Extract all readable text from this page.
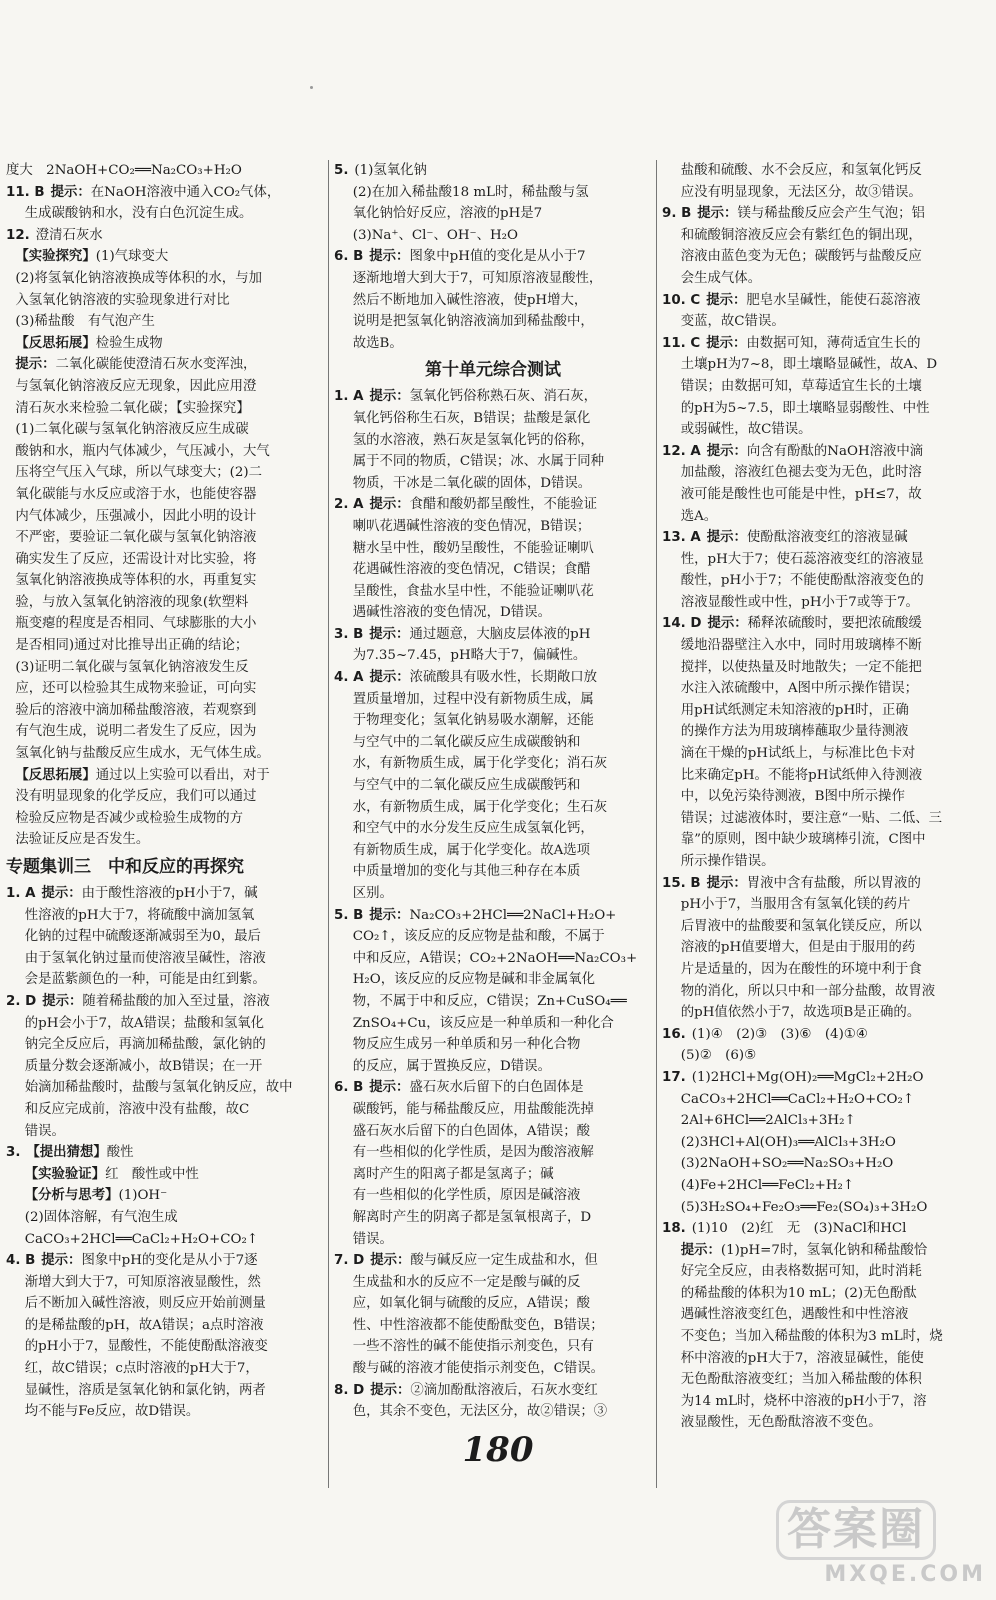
度大　2NaOH+CO₂══Na₂CO₃+H₂O

11. B 提示：在NaOH溶液中通入CO₂气体，

生成碳酸钠和水，没有白色沉淀生成。

12. 澄清石灰水

【实验探究】(1)气球变大

(2)将氢氧化钠溶液换成等体积的水，与加

入氢氧化钠溶液的实验现象进行对比

(3)稀盐酸　有气泡产生

【反思拓展】检验生成物

提示：二氧化碳能使澄清石灰水变浑浊，

与氢氧化钠溶液反应无现象，因此应用澄

清石灰水来检验二氧化碳；【实验探究】

(1)二氧化碳与氢氧化钠溶液反应生成碳

酸钠和水，瓶内气体减少，气压减小，大气

压将空气压入气球，所以气球变大；(2)二

氧化碳能与水反应或溶于水，也能使容器

内气体减少，压强减小，因此小明的设计

不严密，要验证二氧化碳与氢氧化钠溶液

确实发生了反应，还需设计对比实验，将

氢氧化钠溶液换成等体积的水，再重复实

验，与放入氢氧化钠溶液的现象(软塑料

瓶变瘪的程度是否相同、气球膨胀的大小

是否相同)通过对比推导出正确的结论；

(3)证明二氧化碳与氢氧化钠溶液发生反

应，还可以检验其生成物来验证，可向实

验后的溶液中滴加稀盐酸溶液，若观察到

有气泡生成，说明二者发生了反应，因为

氢氧化钠与盐酸反应生成水，无气体生成。

【反思拓展】通过以上实验可以看出，对于

没有明显现象的化学反应，我们可以通过

检验反应物是否减少或检验生成物的方

法验证反应是否发生。

专题集训三　中和反应的再探究

1. A 提示：由于酸性溶液的pH小于7，碱

性溶液的pH大于7，将硫酸中滴加氢氧

化钠的过程中硫酸逐渐减弱至为0，最后

由于氢氧化钠过量而使溶液呈碱性，溶液

会是蓝紫颜色的一种，可能是由红到紫。

2. D 提示：随着稀盐酸的加入至过量，溶液

的pH会小于7，故A错误；盐酸和氢氧化

钠完全反应后，再滴加稀盐酸，氯化钠的

质量分数会逐渐减小，故B错误；在一开

始滴加稀盐酸时，盐酸与氢氧化钠反应，故中

和反应完成前，溶液中没有盐酸，故C

错误。

3. 【提出猜想】酸性

【实验验证】红　酸性或中性

【分析与思考】(1)OH⁻

(2)固体溶解，有气泡生成

CaCO₃+2HCl══CaCl₂+H₂O+CO₂↑

4. B 提示：图象中pH的变化是从小于7逐

渐增大到大于7，可知原溶液显酸性，然

后不断加入碱性溶液，则反应开始前测量

的是稀盐酸的pH，故A错误；a点时溶液

的pH小于7，显酸性，不能使酚酞溶液变

红，故C错误；c点时溶液的pH大于7，

显碱性，溶质是氢氧化钠和氯化钠，两者

均不能与Fe反应，故D错误。

5. (1)氢氧化钠

(2)在加入稀盐酸18 mL时，稀盐酸与氢

氧化钠恰好反应，溶液的pH是7

(3)Na⁺、Cl⁻、OH⁻、H₂O

6. B 提示：图象中pH值的变化是从小于7

逐渐地增大到大于7，可知原溶液显酸性，

然后不断地加入碱性溶液，使pH增大，

说明是把氢氧化钠溶液滴加到稀盐酸中，

故选B。

第十单元综合测试

1. A 提示：氢氧化钙俗称熟石灰、消石灰，

氧化钙俗称生石灰，B错误；盐酸是氯化

氢的水溶液，熟石灰是氢氧化钙的俗称，

属于不同的物质，C错误；冰、水属于同种

物质，干冰是二氧化碳的固体，D错误。

2. A 提示：食醋和酸奶都呈酸性，不能验证

喇叭花遇碱性溶液的变色情况，B错误；

糖水呈中性，酸奶呈酸性，不能验证喇叭

花遇碱性溶液的变色情况，C错误；食醋

呈酸性，食盐水呈中性，不能验证喇叭花

遇碱性溶液的变色情况，D错误。

3. B 提示：通过题意，大脑皮层体液的pH

为7.35~7.45，pH略大于7，偏碱性。

4. A 提示：浓硫酸具有吸水性，长期敞口放

置质量增加，过程中没有新物质生成，属

于物理变化；氢氧化钠易吸水潮解，还能

与空气中的二氧化碳反应生成碳酸钠和

水，有新物质生成，属于化学变化；消石灰

与空气中的二氧化碳反应生成碳酸钙和

水，有新物质生成，属于化学变化；生石灰

和空气中的水分发生反应生成氢氧化钙，

有新物质生成，属于化学变化。故A选项

中质量增加的变化与其他三种存在本质

区别。

5. B 提示：Na₂CO₃+2HCl══2NaCl+H₂O+

CO₂↑，该反应的反应物是盐和酸，不属于

中和反应，A错误；CO₂+2NaOH══Na₂CO₃+

H₂O，该反应的反应物是碱和非金属氧化

物，不属于中和反应，C错误；Zn+CuSO₄══

ZnSO₄+Cu，该反应是一种单质和一种化合

物反应生成另一种单质和另一种化合物

的反应，属于置换反应，D错误。

6. B 提示：盛石灰水后留下的白色固体是

碳酸钙，能与稀盐酸反应，用盐酸能洗掉

盛石灰水后留下的白色固体，A错误；酸

有一些相似的化学性质，是因为酸溶液解

离时产生的阳离子都是氢离子；碱

有一些相似的化学性质，原因是碱溶液

解离时产生的阴离子都是氢氧根离子，D

错误。

7. D 提示：酸与碱反应一定生成盐和水，但

生成盐和水的反应不一定是酸与碱的反

应，如氧化铜与硫酸的反应，A错误；酸

性、中性溶液都不能使酚酞变色，B错误；

一些不溶性的碱不能使指示剂变色，只有

酸与碱的溶液才能使指示剂变色，C错误。

8. D 提示：②滴加酚酞溶液后，石灰水变红

色，其余不变色，无法区分，故②错误；③

盐酸和硫酸、水不会反应，和氢氧化钙反

应没有明显现象，无法区分，故③错误。

9. B 提示：镁与稀盐酸反应会产生气泡；铝

和硫酸铜溶液反应会有紫红色的铜出现，

溶液由蓝色变为无色；碳酸钙与盐酸反应

会生成气体。

10. C 提示：肥皂水呈碱性，能使石蕊溶液

变蓝，故C错误。

11. C 提示：由数据可知，薄荷适宜生长的

土壤pH为7~8，即土壤略显碱性，故A、D

错误；由数据可知，草莓适宜生长的土壤

的pH为5~7.5，即土壤略显弱酸性、中性

或弱碱性，故C错误。

12. A 提示：向含有酚酞的NaOH溶液中滴

加盐酸，溶液红色褪去变为无色，此时溶

液可能是酸性也可能是中性，pH≤7，故

选A。

13. A 提示：使酚酞溶液变红的溶液显碱

性，pH大于7；使石蕊溶液变红的溶液显

酸性，pH小于7；不能使酚酞溶液变色的

溶液显酸性或中性，pH小于7或等于7。

14. D 提示：稀释浓硫酸时，要把浓硫酸缓

缓地沿器壁注入水中，同时用玻璃棒不断

搅拌，以使热量及时地散失；一定不能把

水注入浓硫酸中，A图中所示操作错误；

用pH试纸测定未知溶液的pH时，正确

的操作方法为用玻璃棒蘸取少量待测液

滴在干燥的pH试纸上，与标准比色卡对

比来确定pH。不能将pH试纸伸入待测液

中，以免污染待测液，B图中所示操作

错误；过滤液体时，要注意“一贴、二低、三

靠”的原则，图中缺少玻璃棒引流，C图中

所示操作错误。

15. B 提示：胃液中含有盐酸，所以胃液的

pH小于7，当服用含有氢氧化镁的药片

后胃液中的盐酸要和氢氧化镁反应，所以

溶液的pH值要增大，但是由于服用的药

片是适量的，因为在酸性的环境中利于食

物的消化，所以只中和一部分盐酸，故胃液

的pH值依然小于7，故选项B是正确的。

16. (1)④　(2)③　(3)⑥　(4)①④

(5)②　(6)⑤

17. (1)2HCl+Mg(OH)₂══MgCl₂+2H₂O

CaCO₃+2HCl══CaCl₂+H₂O+CO₂↑

2Al+6HCl══2AlCl₃+3H₂↑

(2)3HCl+Al(OH)₃══AlCl₃+3H₂O

(3)2NaOH+SO₂══Na₂SO₃+H₂O

(4)Fe+2HCl══FeCl₂+H₂↑

(5)3H₂SO₄+Fe₂O₃══Fe₂(SO₄)₃+3H₂O

18. (1)10　(2)红　无　(3)NaCl和HCl

提示：(1)pH=7时，氢氧化钠和稀盐酸恰

好完全反应，由表格数据可知，此时消耗

的稀盐酸的体积为10 mL；(2)无色酚酞

遇碱性溶液变红色，遇酸性和中性溶液

不变色；当加入稀盐酸的体积为3 mL时，烧

杯中溶液的pH大于7，溶液显碱性，能使

无色酚酞溶液变红；当加入稀盐酸的体积

为14 mL时，烧杯中溶液的pH小于7，溶

液显酸性，无色酚酞溶液不变色。

180
答案圈
MXQE.COM
